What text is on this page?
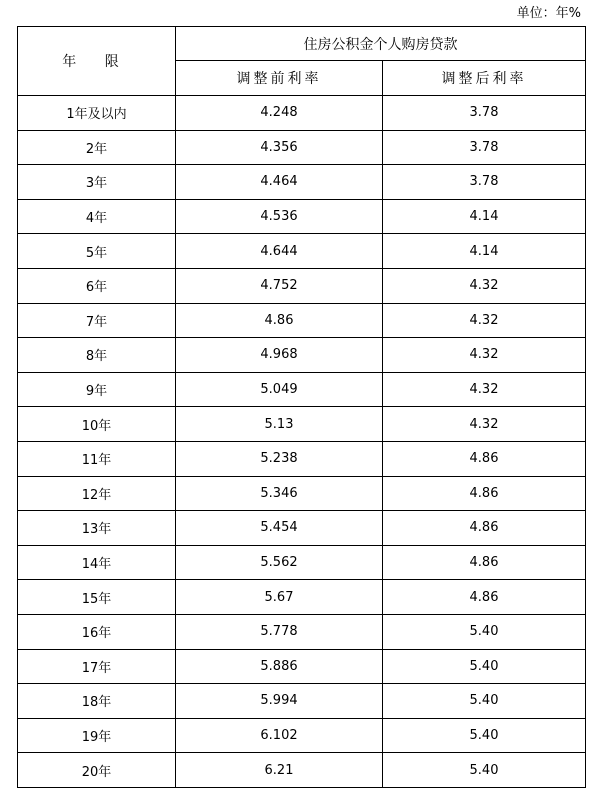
单位：年%
年 限	住房公积金个人购房贷款	
	调整前利率	调整后利率
1年及以内	4.248	3.78
2年	4.356	3.78
3年	4.464	3.78
4年	4.536	4.14
5年	4.644	4.14
6年	4.752	4.32
7年	4.86	4.32
8年	4.968	4.32
9年	5.049	4.32
10年	5.13	4.32
11年	5.238	4.86
12年	5.346	4.86
13年	5.454	4.86
14年	5.562	4.86
15年	5.67	4.86
16年	5.778	5.40
17年	5.886	5.40
18年	5.994	5.40
19年	6.102	5.40
20年	6.21	5.40
